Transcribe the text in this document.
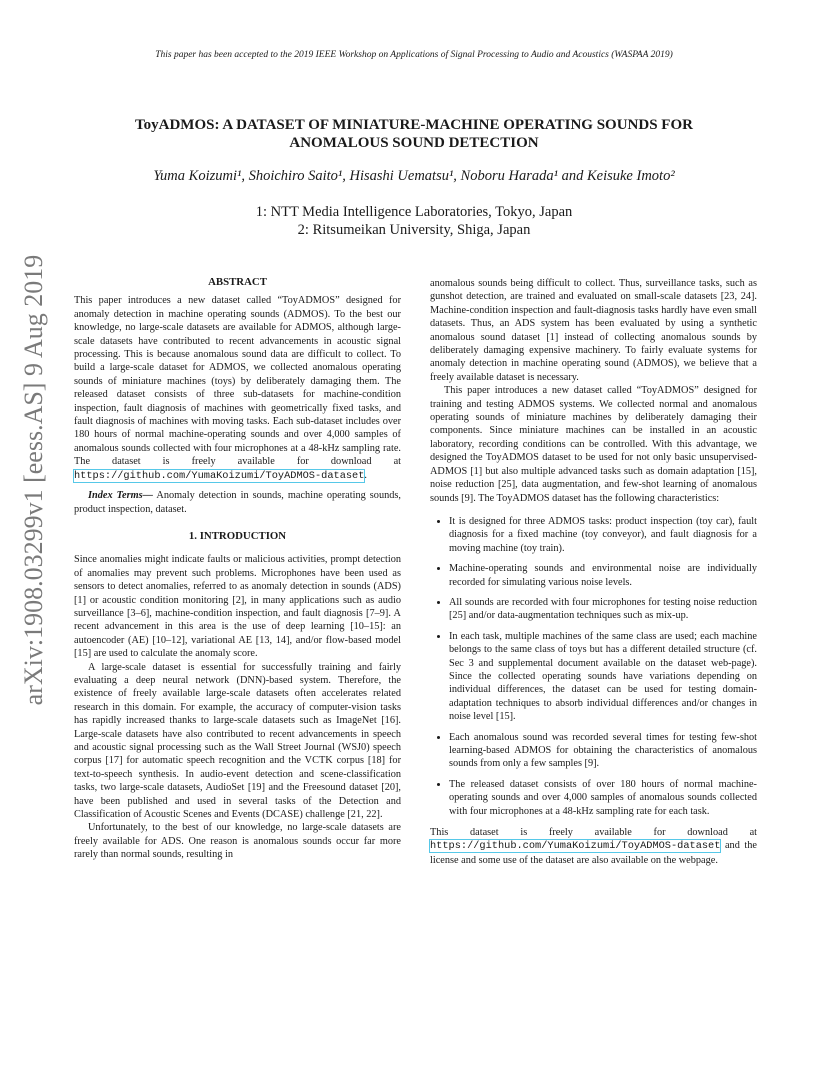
This paper has been accepted to the 2019 IEEE Workshop on Applications of Signal Processing to Audio and Acoustics (WASPAA 2019)
ToyADMOS: A DATASET OF MINIATURE-MACHINE OPERATING SOUNDS FOR
ANOMALOUS SOUND DETECTION
Yuma Koizumi¹, Shoichiro Saito¹, Hisashi Uematsu¹, Noboru Harada¹ and Keisuke Imoto²
1: NTT Media Intelligence Laboratories, Tokyo, Japan
2: Ritsumeikan University, Shiga, Japan
arXiv:1908.03299v1 [eess.AS] 9 Aug 2019	ABSTRACT

This paper introduces a new dataset called “ToyADMOS” designed for anomaly detection in machine operating sounds (ADMOS). To the best our knowledge, no large-scale datasets are available for ADMOS, although large-scale datasets have contributed to recent advancements in acoustic signal processing. This is because anomalous sound data are difficult to collect. To build a large-scale dataset for ADMOS, we collected anomalous operating sounds of miniature machines (toys) by deliberately damaging them. The released dataset consists of three sub-datasets for machine-condition inspection, fault diagnosis of machines with geometrically fixed tasks, and fault diagnosis of machines with moving tasks. Each sub-dataset includes over 180 hours of normal machine-operating sounds and over 4,000 samples of anomalous sounds collected with four microphones at a 48-kHz sampling rate. The dataset is freely available for download at https://github.com/YumaKoizumi/ToyADMOS-dataset.

Index Terms— Anomaly detection in sounds, machine operating sounds, product inspection, dataset.

1. INTRODUCTION

Since anomalies might indicate faults or malicious activities, prompt detection of anomalies may prevent such problems. Microphones have been used as sensors to detect anomalies, referred to as anomaly detection in sounds (ADS) [1] or acoustic condition monitoring [2], in many applications such as audio surveillance [3–6], machine-condition inspection, and fault diagnosis [7–9]. A recent advancement in this area is the use of deep learning [10–15]: an autoencoder (AE) [10–12], variational AE [13, 14], and/or flow-based model [15] are used to calculate the anomaly score.

A large-scale dataset is essential for successfully training and fairly evaluating a deep neural network (DNN)-based system. Therefore, the existence of freely available large-scale datasets often accelerates related research in this domain. For example, the accuracy of computer-vision tasks has rapidly increased thanks to large-scale datasets such as ImageNet [16]. Large-scale datasets have also contributed to recent advancements in speech and acoustic signal processing such as the Wall Street Journal (WSJ0) speech corpus [17] for automatic speech recognition and the VCTK corpus [18] for text-to-speech synthesis. In audio-event detection and scene-classification tasks, two large-scale datasets, AudioSet [19] and the Freesound dataset [20], have been published and used in several tasks of the Detection and Classification of Acoustic Scenes and Events (DCASE) challenge [21, 22].

Unfortunately, to the best of our knowledge, no large-scale datasets are freely available for ADS. One reason is anomalous sounds occur far more rarely than normal sounds, resulting in

anomalous sounds being difficult to collect. Thus, surveillance tasks, such as gunshot detection, are trained and evaluated on small-scale datasets [23, 24]. Machine-condition inspection and fault-diagnosis tasks hardly have even small datasets. Thus, an ADS system has been evaluated by using a synthetic anomalous sound dataset [1] instead of collecting anomalous sounds by deliberately damaging expensive machinery. To fairly evaluate systems for anomaly detection in machine operating sound (ADMOS), we believe that a freely available dataset is necessary.

This paper introduces a new dataset called “ToyADMOS” designed for training and testing ADMOS systems. We collected normal and anomalous operating sounds of miniature machines by deliberately damaging their components. Since miniature machines can be installed in an acoustic laboratory, recording conditions can be controlled. With this advantage, we designed the ToyADMOS dataset to be used for not only basic unsupervised-ADMOS [1] but also multiple advanced tasks such as domain adaptation [15], noise reduction [25], data augmentation, and few-shot learning of anomalous sounds [9]. The ToyADMOS dataset has the following characteristics:

• It is designed for three ADMOS tasks: product inspection (toy car), fault diagnosis for a fixed machine (toy conveyor), and fault diagnosis for a moving machine (toy train).
• Machine-operating sounds and environmental noise are individually recorded for simulating various noise levels.
• All sounds are recorded with four microphones for testing noise reduction [25] and/or data-augmentation techniques such as mix-up.
• In each task, multiple machines of the same class are used; each machine belongs to the same class of toys but has a different detailed structure (cf. Sec 3 and supplemental document available on the dataset web-page). Since the collected operating sounds have variations depending on individual differences, the dataset can be used for testing domain-adaptation techniques to absorb individual differences and/or changes in noise level [15].
• Each anomalous sound was recorded several times for testing few-shot learning-based ADMOS for obtaining the characteristics of anomalous sounds from only a few samples [9].
• The released dataset consists of over 180 hours of normal machine-operating sounds and over 4,000 samples of anomalous sounds collected with four microphones at a 48-kHz sampling rate for each task.

This dataset is freely available for download at https://github.com/YumaKoizumi/ToyADMOS-dataset and the license and some use of the dataset are also available on the webpage.
